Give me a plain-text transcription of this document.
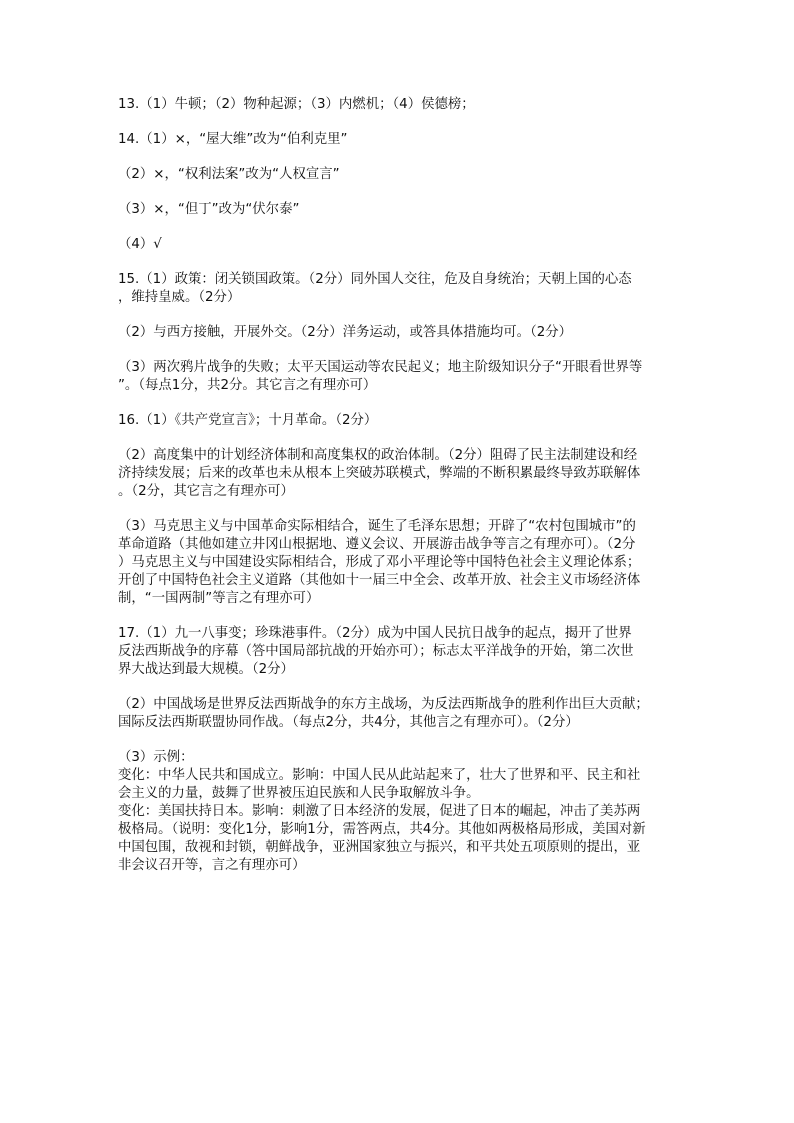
13.（1）牛顿；（2）物种起源；（3）内燃机；（4）侯德榜；

14.（1）×，“屋大维”改为“伯利克里”

（2）×，“权利法案”改为“人权宣言”

（3）×，“但丁”改为“伏尔泰”

（4）√

15.（1）政策：闭关锁国政策。（2分）同外国人交往，危及自身统治；天朝上国的心态
，维持皇威。（2分）

（2）与西方接触，开展外交。（2分）洋务运动，或答具体措施均可。（2分）

（3）两次鸦片战争的失败；太平天国运动等农民起义；地主阶级知识分子“开眼看世界等
”。（每点1分，共2分。其它言之有理亦可）

16.（1）《共产党宣言》；十月革命。（2分）

（2）高度集中的计划经济体制和高度集权的政治体制。（2分）阻碍了民主法制建设和经
济持续发展；后来的改革也未从根本上突破苏联模式，弊端的不断积累最终导致苏联解体
。（2分，其它言之有理亦可）
（3）马克思主义与中国革命实际相结合，诞生了毛泽东思想；开辟了“农村包围城市”的
革命道路（其他如建立井冈山根据地、遵义会议、开展游击战争等言之有理亦可）。（2分
）马克思主义与中国建设实际相结合，形成了邓小平理论等中国特色社会主义理论体系；
开创了中国特色社会主义道路（其他如十一届三中全会、改革开放、社会主义市场经济体
制，“一国两制”等言之有理亦可）
17.（1）九一八事变；珍珠港事件。（2分）成为中国人民抗日战争的起点，揭开了世界
反法西斯战争的序幕（答中国局部抗战的开始亦可）；标志太平洋战争的开始，第二次世
界大战达到最大规模。（2分）
（2）中国战场是世界反法西斯战争的东方主战场，为反法西斯战争的胜利作出巨大贡献；
国际反法西斯联盟协同作战。（每点2分，共4分，其他言之有理亦可）。（2分）
（3）示例：
变化：中华人民共和国成立。影响：中国人民从此站起来了，壮大了世界和平、民主和社
会主义的力量，鼓舞了世界被压迫民族和人民争取解放斗争。
变化：美国扶持日本。影响：刺激了日本经济的发展，促进了日本的崛起，冲击了美苏两
极格局。（说明：变化1分，影响1分，需答两点，共4分。其他如两极格局形成，美国对新
中国包围，敌视和封锁，朝鲜战争，亚洲国家独立与振兴，和平共处五项原则的提出，亚
非会议召开等，言之有理亦可）
